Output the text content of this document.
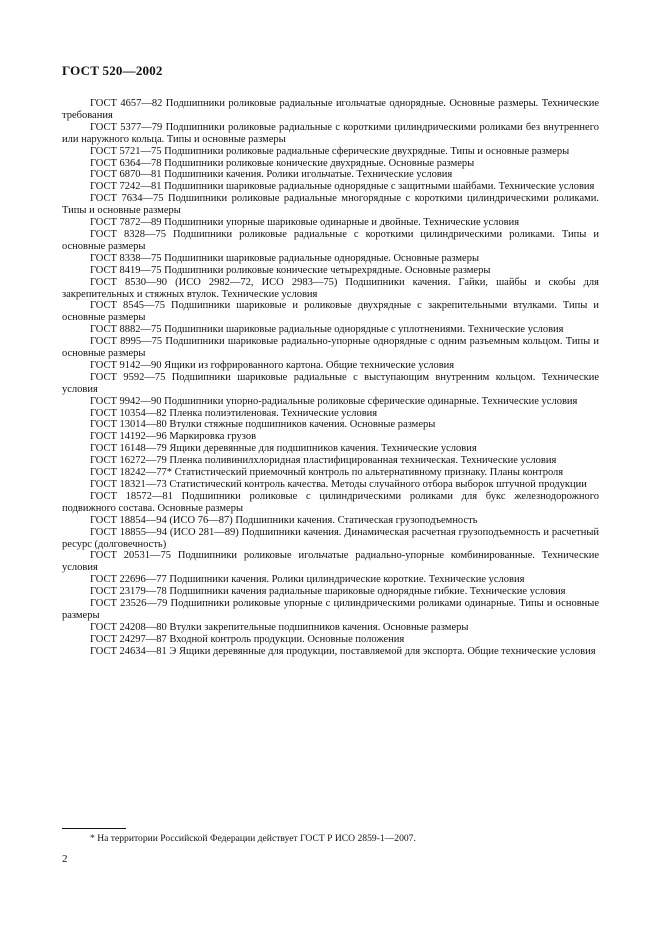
ГОСТ 520—2002

ГОСТ 4657—82 Подшипники роликовые радиальные игольчатые однорядные. Основные размеры. Технические требования

ГОСТ 5377—79 Подшипники роликовые радиальные с короткими цилиндрическими роликами без внутреннего или наружного кольца. Типы и основные размеры

ГОСТ 5721—75 Подшипники роликовые радиальные сферические двухрядные. Типы и основные размеры

ГОСТ 6364—78 Подшипники роликовые конические двухрядные. Основные размеры

ГОСТ 6870—81 Подшипники качения. Ролики игольчатые. Технические условия

ГОСТ 7242—81 Подшипники шариковые радиальные однорядные с защитными шайбами. Технические условия

ГОСТ 7634—75 Подшипники роликовые радиальные многорядные с короткими цилиндрическими роликами. Типы и основные размеры

ГОСТ 7872—89 Подшипники упорные шариковые одинарные и двойные. Технические условия

ГОСТ 8328—75 Подшипники роликовые радиальные с короткими цилиндрическими роликами. Типы и основные размеры

ГОСТ 8338—75 Подшипники шариковые радиальные однорядные. Основные размеры

ГОСТ 8419—75 Подшипники роликовые конические четырехрядные. Основные размеры

ГОСТ 8530—90 (ИСО 2982—72, ИСО 2983—75) Подшипники качения. Гайки, шайбы и скобы для закрепительных и стяжных втулок. Технические условия

ГОСТ 8545—75 Подшипники шариковые и роликовые двухрядные с закрепительными втулками. Типы и основные размеры

ГОСТ 8882—75 Подшипники шариковые радиальные однорядные с уплотнениями. Технические условия

ГОСТ 8995—75 Подшипники шариковые радиально-упорные однорядные с одним разъемным кольцом. Типы и основные размеры

ГОСТ 9142—90 Ящики из гофрированного картона. Общие технические условия

ГОСТ 9592—75 Подшипники шариковые радиальные с выступающим внутренним кольцом. Технические условия

ГОСТ 9942—90 Подшипники упорно-радиальные роликовые сферические одинарные. Технические условия

ГОСТ 10354—82 Пленка полиэтиленовая. Технические условия

ГОСТ 13014—80 Втулки стяжные подшипников качения. Основные размеры

ГОСТ 14192—96 Маркировка грузов

ГОСТ 16148—79 Ящики деревянные для подшипников качения. Технические условия

ГОСТ 16272—79 Пленка поливинилхлоридная пластифицированная техническая. Технические условия

ГОСТ 18242—77* Статистический приемочный контроль по альтернативному признаку. Планы контроля

ГОСТ 18321—73 Статистический контроль качества. Методы случайного отбора выборок штучной продукции

ГОСТ 18572—81 Подшипники роликовые с цилиндрическими роликами для букс железнодорожного подвижного состава. Основные размеры

ГОСТ 18854—94 (ИСО 76—87) Подшипники качения. Статическая грузоподъемность

ГОСТ 18855—94 (ИСО 281—89) Подшипники качения. Динамическая расчетная грузоподъемность и расчетный ресурс (долговечность)

ГОСТ 20531—75 Подшипники роликовые игольчатые радиально-упорные комбинированные. Технические условия

ГОСТ 22696—77 Подшипники качения. Ролики цилиндрические короткие. Технические условия

ГОСТ 23179—78 Подшипники качения радиальные шариковые однорядные гибкие. Технические условия

ГОСТ 23526—79 Подшипники роликовые упорные с цилиндрическими роликами одинарные. Типы и основные размеры

ГОСТ 24208—80 Втулки закрепительные подшипников качения. Основные размеры

ГОСТ 24297—87 Входной контроль продукции. Основные положения

ГОСТ 24634—81 Э Ящики деревянные для продукции, поставляемой для экспорта. Общие технические условия

* На территории Российской Федерации действует ГОСТ Р ИСО 2859-1—2007.
2
